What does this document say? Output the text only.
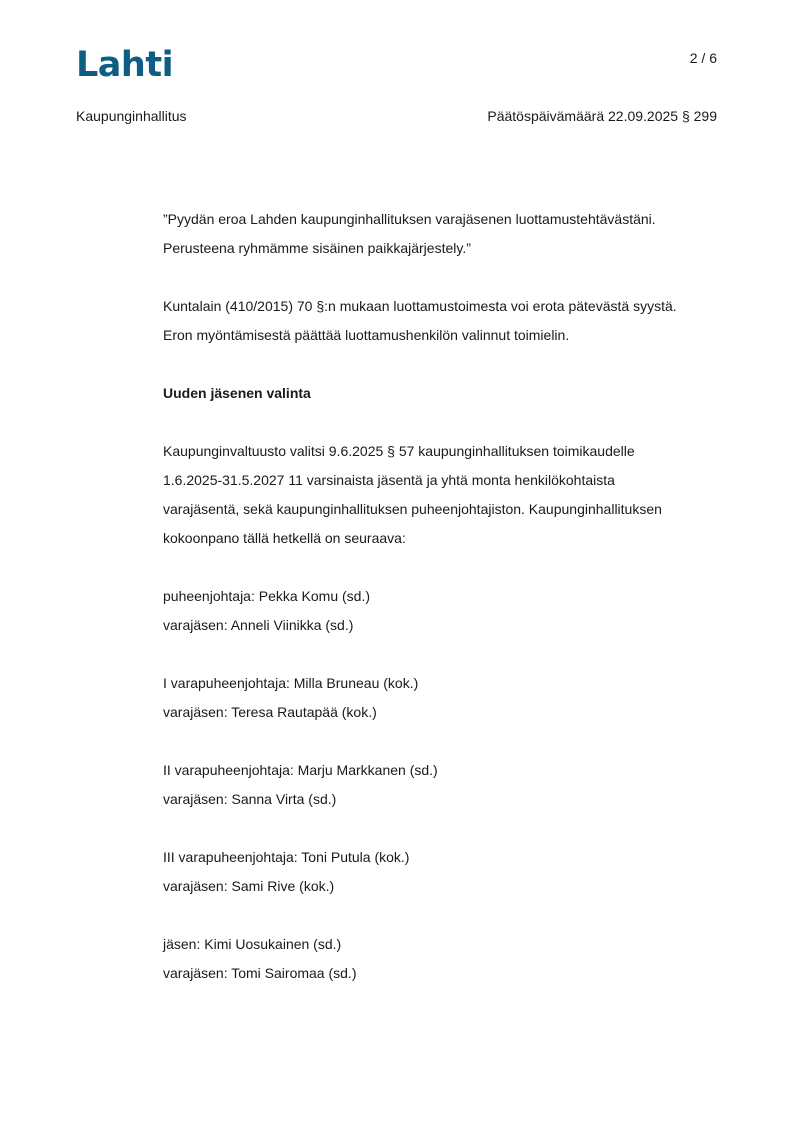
Lahti	2 / 6
Kaupunginhallitus	Päätöspäivämäärä 22.09.2025 § 299

”Pyydän eroa Lahden kaupunginhallituksen varajäsenen luottamustehtävästäni.

Perusteena ryhmämme sisäinen paikkajärjestely.”

Kuntalain (410/2015) 70 §:n mukaan luottamustoimesta voi erota pätevästä syystä.

Eron myöntämisestä päättää luottamushenkilön valinnut toimielin.

Uuden jäsenen valinta

Kaupunginvaltuusto valitsi 9.6.2025 § 57 kaupunginhallituksen toimikaudelle

1.6.2025-31.5.2027 11 varsinaista jäsentä ja yhtä monta henkilökohtaista

varajäsentä, sekä kaupunginhallituksen puheenjohtajiston. Kaupunginhallituksen

kokoonpano tällä hetkellä on seuraava:

puheenjohtaja: Pekka Komu (sd.)

varajäsen: Anneli Viinikka (sd.)

I varapuheenjohtaja: Milla Bruneau (kok.)

varajäsen: Teresa Rautapää (kok.)

II varapuheenjohtaja: Marju Markkanen (sd.)

varajäsen: Sanna Virta (sd.)

III varapuheenjohtaja: Toni Putula (kok.)

varajäsen: Sami Rive (kok.)

jäsen: Kimi Uosukainen (sd.)

varajäsen: Tomi Sairomaa (sd.)
